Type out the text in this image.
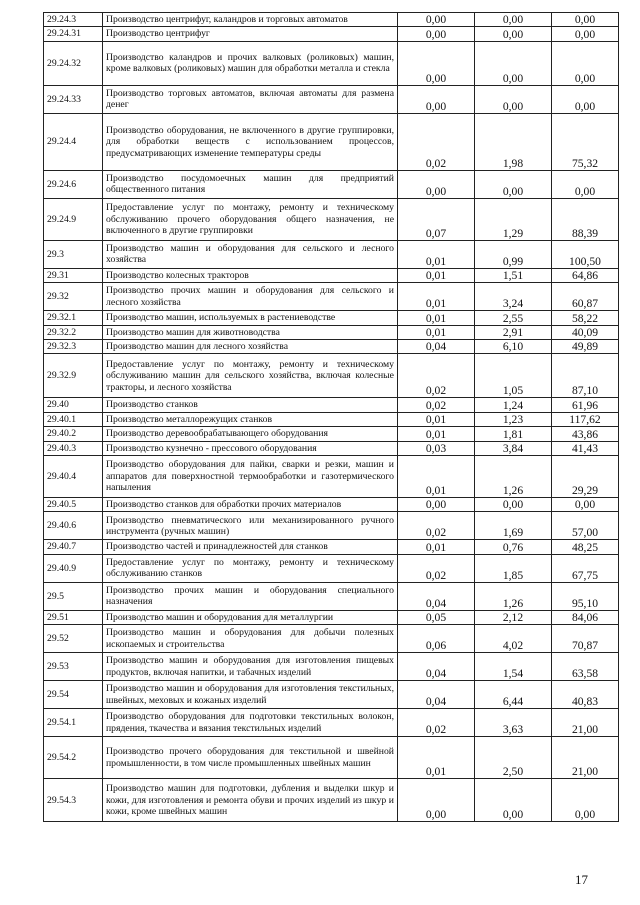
29.24.3	Производство центрифуг, каландров и торговых автоматов	0,00	0,00	0,00
29.24.31	Производство центрифуг	0,00	0,00	0,00
29.24.32	Производство каландров и прочих валковых (роликовых) машин, кроме валковых (роликовых) машин для обработки металла и стекла	0,00	0,00	0,00
29.24.33	Производство торговых автоматов, включая автоматы для размена денег	0,00	0,00	0,00
29.24.4	Производство оборудования, не включенного в другие группировки, для обработки веществ с использованием процессов, предусматривающих изменение температуры среды	0,02	1,98	75,32
29.24.6	Производство посудомоечных машин для предприятий общественного питания	0,00	0,00	0,00
29.24.9	Предоставление услуг по монтажу, ремонту и техническому обслуживанию прочего оборудования общего назначения, не включенного в другие группировки	0,07	1,29	88,39
29.3	Производство машин и оборудования для сельского и лесного хозяйства	0,01	0,99	100,50
29.31	Производство колесных тракторов	0,01	1,51	64,86
29.32	Производство прочих машин и оборудования для сельского и лесного хозяйства	0,01	3,24	60,87
29.32.1	Производство машин, используемых в растениеводстве	0,01	2,55	58,22
29.32.2	Производство машин для животноводства	0,01	2,91	40,09
29.32.3	Производство машин для лесного хозяйства	0,04	6,10	49,89
29.32.9	Предоставление услуг по монтажу, ремонту и техническому обслуживанию машин для сельского хозяйства, включая колесные тракторы, и лесного хозяйства	0,02	1,05	87,10
29.40	Производство станков	0,02	1,24	61,96
29.40.1	Производство металлорежущих станков	0,01	1,23	117,62
29.40.2	Производство деревообрабатывающего оборудования	0,01	1,81	43,86
29.40.3	Производство кузнечно - прессового оборудования	0,03	3,84	41,43
29.40.4	Производство оборудования для пайки, сварки и резки, машин и аппаратов для поверхностной термообработки и газотермического напыления	0,01	1,26	29,29
29.40.5	Производство станков для обработки прочих материалов	0,00	0,00	0,00
29.40.6	Производство пневматического или механизированного ручного инструмента (ручных машин)	0,02	1,69	57,00
29.40.7	Производство частей и принадлежностей для станков	0,01	0,76	48,25
29.40.9	Предоставление услуг по монтажу, ремонту и техническому обслуживанию станков	0,02	1,85	67,75
29.5	Производство прочих машин и оборудования специального назначения	0,04	1,26	95,10
29.51	Производство машин и оборудования для металлургии	0,05	2,12	84,06
29.52	Производство машин и оборудования для добычи полезных ископаемых и строительства	0,06	4,02	70,87
29.53	Производство машин и оборудования для изготовления пищевых продуктов, включая напитки, и табачных изделий	0,04	1,54	63,58
29.54	Производство машин и оборудования для изготовления текстильных, швейных, меховых и кожаных изделий	0,04	6,44	40,83
29.54.1	Производство оборудования для подготовки текстильных волокон, прядения, ткачества и вязания текстильных изделий	0,02	3,63	21,00
29.54.2	Производство прочего оборудования для текстильной и швейной промышленности, в том числе промышленных швейных машин	0,01	2,50	21,00
29.54.3	Производство машин для подготовки, дубления и выделки шкур и кожи, для изготовления и ремонта обуви и прочих изделий из шкур и кожи, кроме швейных машин	0,00	0,00	0,00
17
